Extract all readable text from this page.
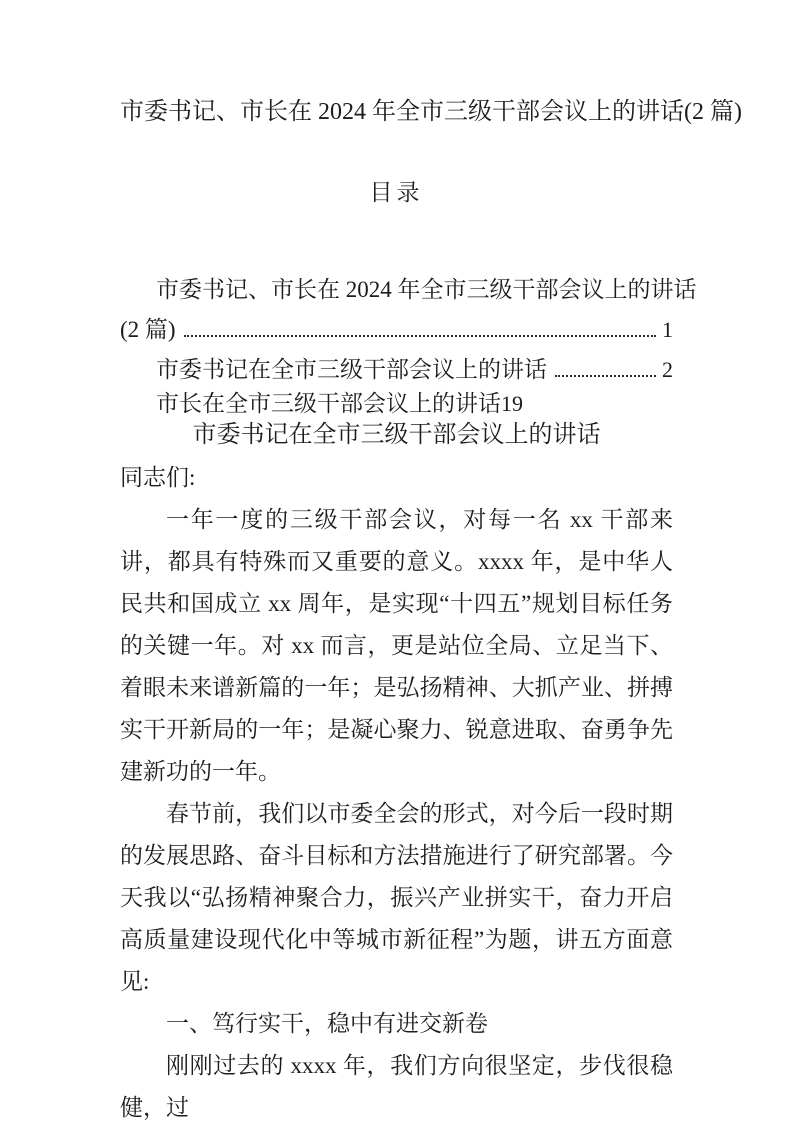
市委书记、市长在 2024 年全市三级干部会议上的讲话(2 篇)
目录
市委书记、市长在 2024 年全市三级干部会议上的讲话
(2 篇)	1
市委书记在全市三级干部会议上的讲话	2
市长在全市三级干部会议上的讲话19
市委书记在全市三级干部会议上的讲话
同志们:

一年一度的三级干部会议，对每一名 xx 干部来讲，都具有特殊而又重要的意义。xxxx 年，是中华人民共和国成立 xx 周年，是实现“十四五”规划目标任务的关键一年。对 xx 而言，更是站位全局、立足当下、着眼未来谱新篇的一年；是弘扬精神、大抓产业、拼搏实干开新局的一年；是凝心聚力、锐意进取、奋勇争先建新功的一年。

春节前，我们以市委全会的形式，对今后一段时期的发展思路、奋斗目标和方法措施进行了研究部署。今天我以“弘扬精神聚合力，振兴产业拼实干，奋力开启高质量建设现代化中等城市新征程”为题，讲五方面意见:

一、笃行实干，稳中有进交新卷

刚刚过去的 xxxx 年，我们方向很坚定，步伐很稳健，过
